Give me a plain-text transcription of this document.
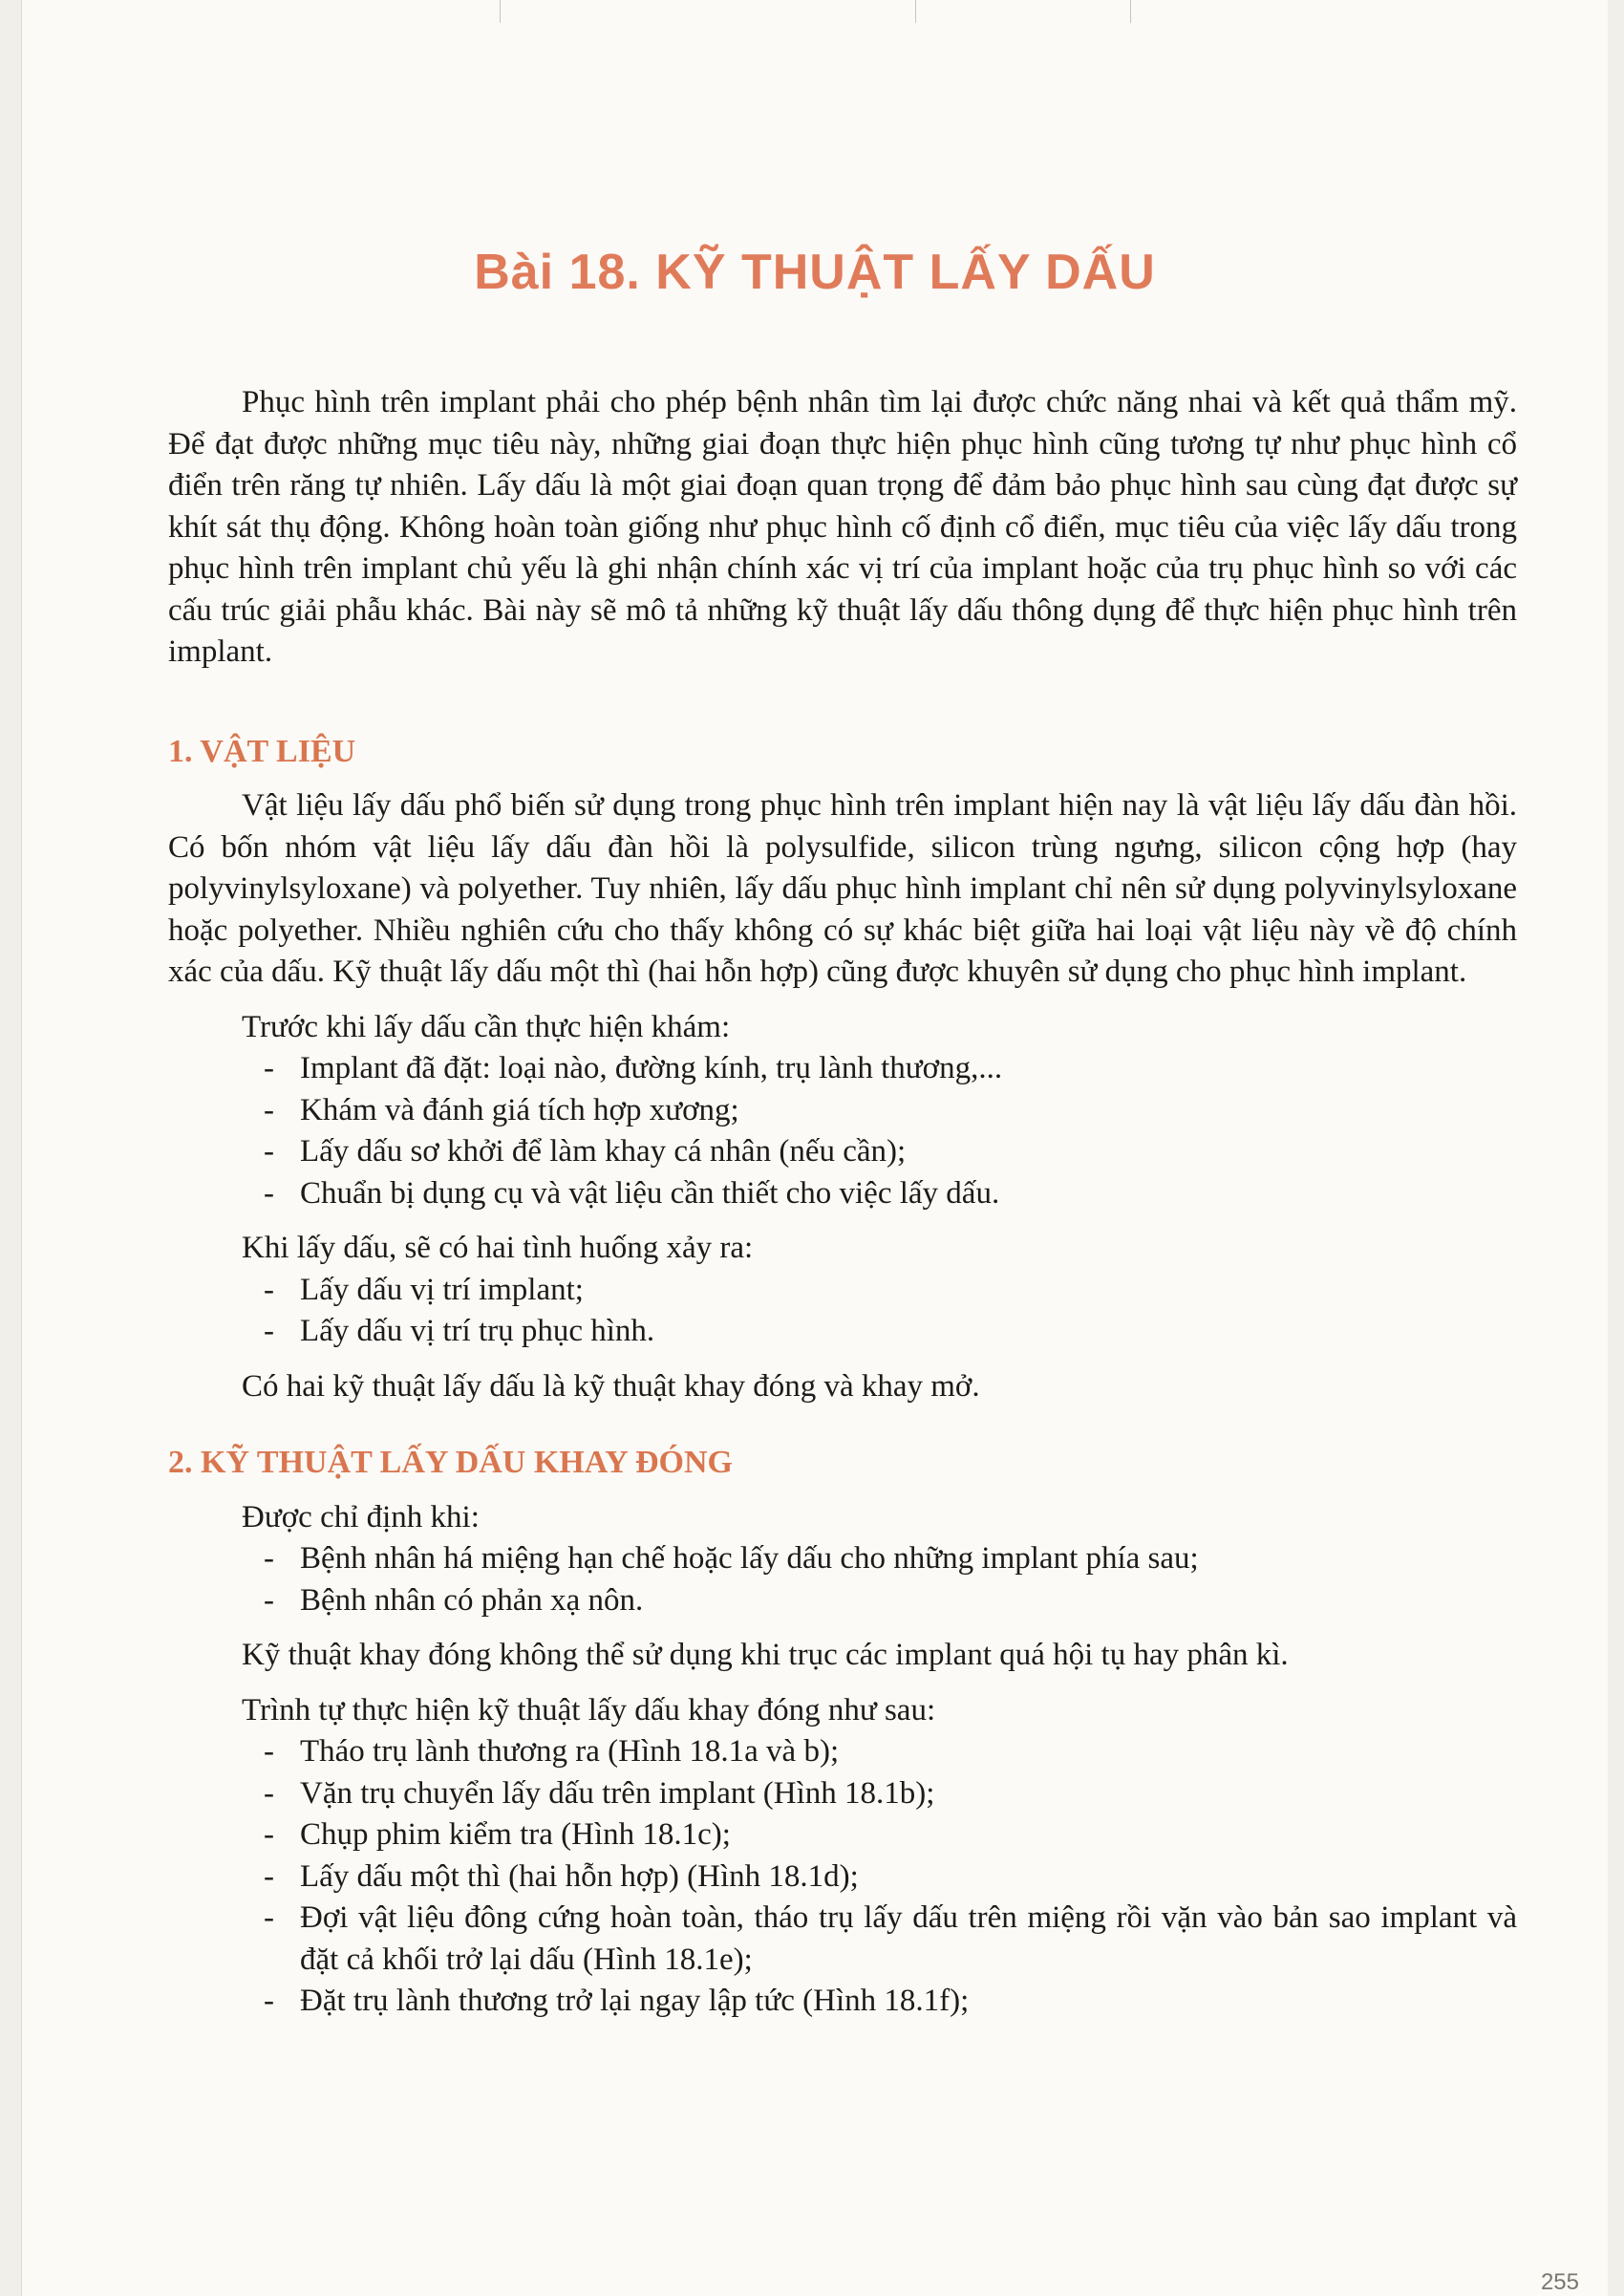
Bài 18. KỸ THUẬT LẤY DẤU

Phục hình trên implant phải cho phép bệnh nhân tìm lại được chức năng nhai và kết quả thẩm mỹ. Để đạt được những mục tiêu này, những giai đoạn thực hiện phục hình cũng tương tự như phục hình cổ điển trên răng tự nhiên. Lấy dấu là một giai đoạn quan trọng để đảm bảo phục hình sau cùng đạt được sự khít sát thụ động. Không hoàn toàn giống như phục hình cố định cổ điển, mục tiêu của việc lấy dấu trong phục hình trên implant chủ yếu là ghi nhận chính xác vị trí của implant hoặc của trụ phục hình so với các cấu trúc giải phẫu khác. Bài này sẽ mô tả những kỹ thuật lấy dấu thông dụng để thực hiện phục hình trên implant.

1. VẬT LIỆU

Vật liệu lấy dấu phổ biến sử dụng trong phục hình trên implant hiện nay là vật liệu lấy dấu đàn hồi. Có bốn nhóm vật liệu lấy dấu đàn hồi là polysulfide, silicon trùng ngưng, silicon cộng hợp (hay polyvinylsyloxane) và polyether. Tuy nhiên, lấy dấu phục hình implant chỉ nên sử dụng polyvinylsyloxane hoặc polyether. Nhiều nghiên cứu cho thấy không có sự khác biệt giữa hai loại vật liệu này về độ chính xác của dấu. Kỹ thuật lấy dấu một thì (hai hỗn hợp) cũng được khuyên sử dụng cho phục hình implant.

Trước khi lấy dấu cần thực hiện khám:

- Implant đã đặt: loại nào, đường kính, trụ lành thương,...
- Khám và đánh giá tích hợp xương;
- Lấy dấu sơ khởi để làm khay cá nhân (nếu cần);
- Chuẩn bị dụng cụ và vật liệu cần thiết cho việc lấy dấu.

Khi lấy dấu, sẽ có hai tình huống xảy ra:

- Lấy dấu vị trí implant;
- Lấy dấu vị trí trụ phục hình.

Có hai kỹ thuật lấy dấu là kỹ thuật khay đóng và khay mở.

2. KỸ THUẬT LẤY DẤU KHAY ĐÓNG

Được chỉ định khi:

- Bệnh nhân há miệng hạn chế hoặc lấy dấu cho những implant phía sau;
- Bệnh nhân có phản xạ nôn.

Kỹ thuật khay đóng không thể sử dụng khi trục các implant quá hội tụ hay phân kì.

Trình tự thực hiện kỹ thuật lấy dấu khay đóng như sau:

- Tháo trụ lành thương ra (Hình 18.1a và b);
- Vặn trụ chuyển lấy dấu trên implant (Hình 18.1b);
- Chụp phim kiểm tra (Hình 18.1c);
- Lấy dấu một thì (hai hỗn hợp) (Hình 18.1d);
- Đợi vật liệu đông cứng hoàn toàn, tháo trụ lấy dấu trên miệng rồi vặn vào bản sao implant và đặt cả khối trở lại dấu (Hình 18.1e);
- Đặt trụ lành thương trở lại ngay lập tức (Hình 18.1f);
255
